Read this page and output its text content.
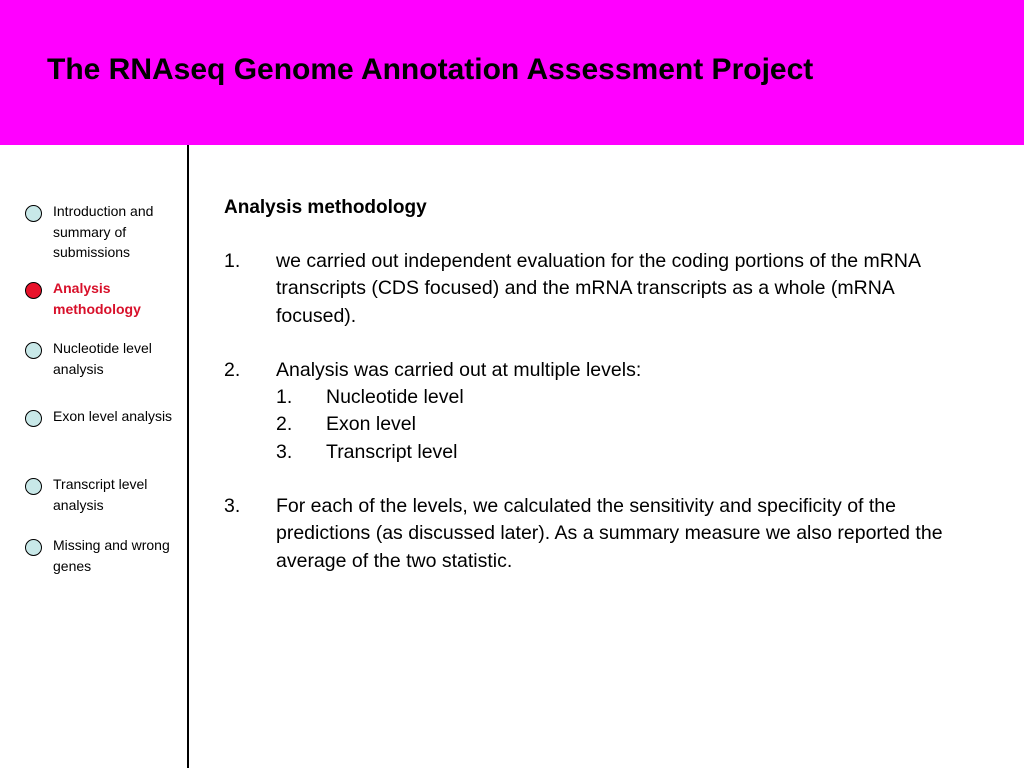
The RNAseq Genome Annotation Assessment Project
Introduction and summary of submissions
Analysis methodology
Nucleotide level analysis
Exon level analysis
Transcript level analysis
Missing and wrong genes
Analysis methodology
1. we carried out independent evaluation for the coding portions of the mRNA transcripts (CDS focused) and the mRNA transcripts as a whole (mRNA focused).
2. Analysis was carried out at multiple levels:
1. Nucleotide level
2. Exon level
3. Transcript level
3. For each of the levels, we calculated the sensitivity and specificity of the predictions (as discussed later). As a summary measure we also reported the average of the two statistic.
